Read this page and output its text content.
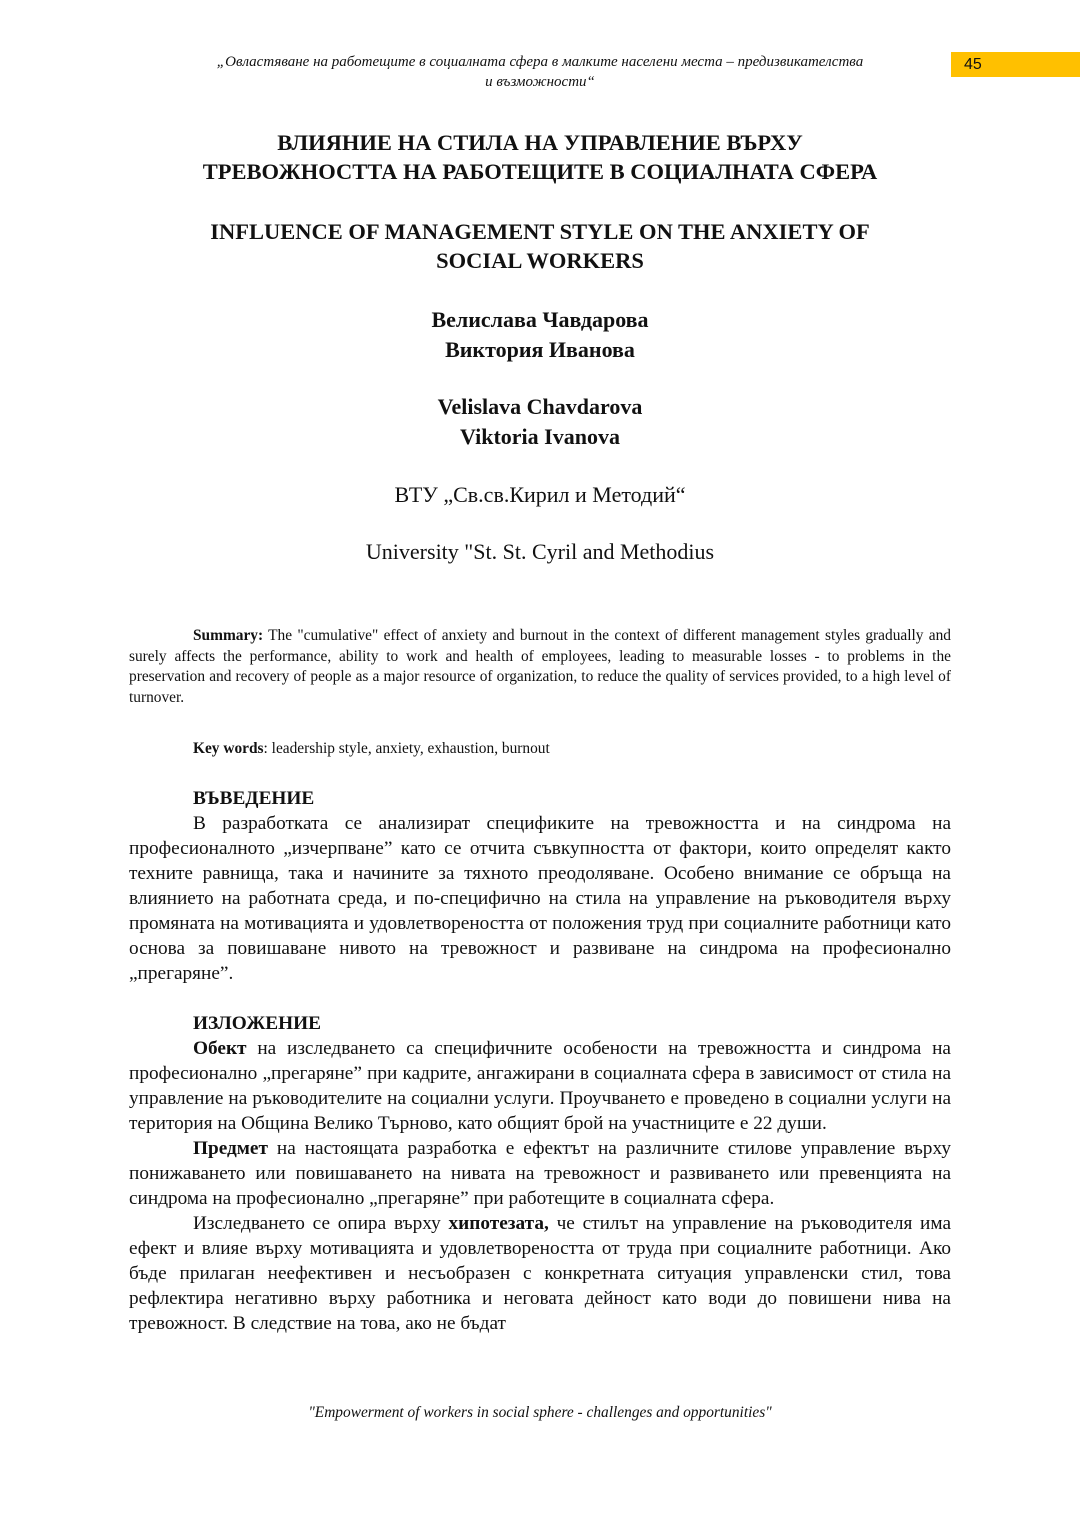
„Овластяване на работещите в социалната сфера в малките населени места – предизвикателства
и възможности“
45
ВЛИЯНИЕ НА СТИЛА НА УПРАВЛЕНИЕ ВЪРХУ
ТРЕВОЖНОСТТА НА РАБОТЕЩИТЕ В СОЦИАЛНАТА СФЕРА
INFLUENCE OF MANAGEMENT STYLE ON THE ANXIETY OF
SOCIAL WORKERS
Велислава Чавдарова
Виктория Иванова
Velislava Chavdarova
Viktoria Ivanova
ВТУ „Св.св.Кирил и Методий“
University "St. St. Cyril and Methodius
Summary: The "cumulative" effect of anxiety and burnout in the context of different management styles gradually and surely affects the performance, ability to work and health of employees, leading to measurable losses - to problems in the preservation and recovery of people as a major resource of organization, to reduce the quality of services provided, to a high level of turnover.
Key words: leadership style, anxiety, exhaustion, burnout
ВЪВЕДЕНИЕ

В разработката се анализират спецификите на тревожността и на синдрома на професионалното „изчерпване” като се отчита съвкупността от фактори, които определят както техните равнища, така и начините за тяхното преодоляване. Особено внимание се обръща на влиянието на работната среда, и по-специфично на стила на управление на ръководителя върху промяната на мотивацията и удовлетвореността от положения труд при социалните работници като основа за повишаване нивото на тревожност и развиване на синдрома на професионално „прегаряне”.

ИЗЛОЖЕНИЕ

Обект на изследването са специфичните особености на тревожността и синдрома на професионално „прегаряне” при кадрите, ангажирани в социалната сфера в зависимост от стила на управление на ръководителите на социални услуги. Проучването е проведено в социални услуги на територия на Община Велико Търново, като общият брой на участниците е 22 души.

Предмет на настоящата разработка е ефектът на различните стилове управление върху понижаването или повишаването на нивата на тревожност и развиването или превенцията на синдрома на професионално „прегаряне” при работещите в социалната сфера.

Изследването се опира върху хипотезата, че стилът на управление на ръководителя има ефект и влияе върху мотивацията и удовлетвореността от труда при социалните работници. Ако бъде прилаган неефективен и несъобразен с конкретната ситуация управленски стил, това рефлектира негативно върху работника и неговата дейност като води до повишени нива на тревожност. В следствие на това, ако не бъдат

"Empowerment of workers in social sphere - challenges and opportunities"
